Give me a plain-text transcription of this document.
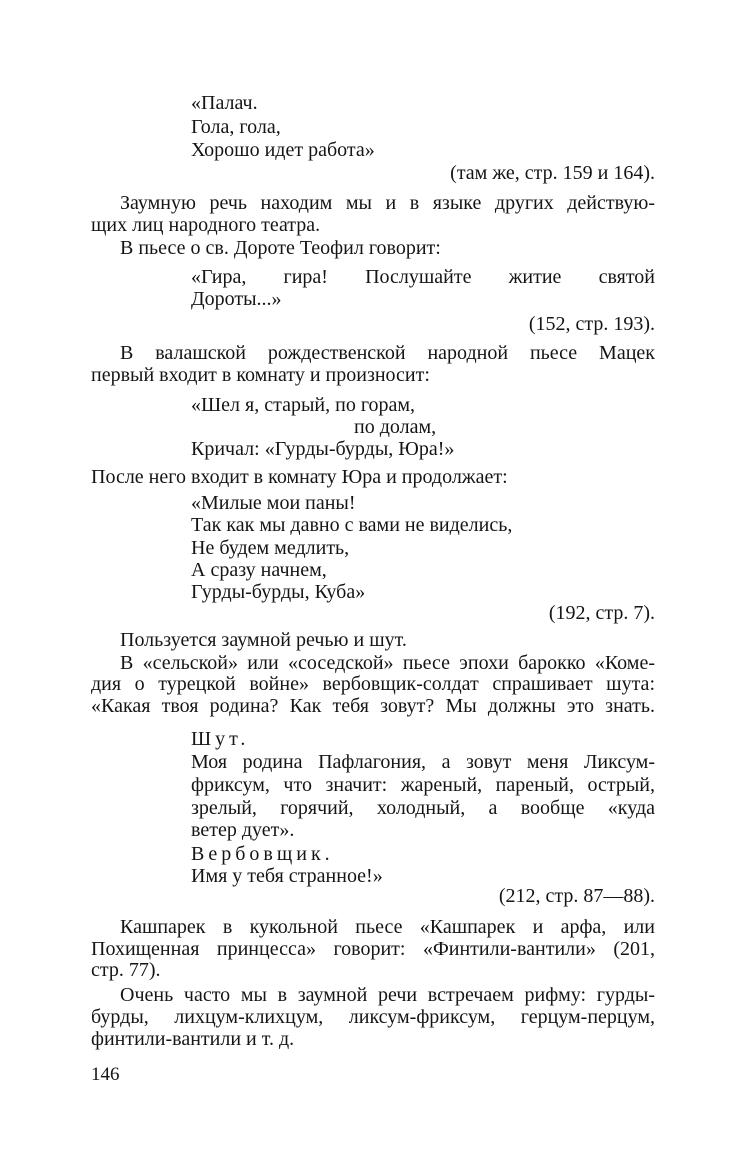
«Палач.
Гола, гола,
Хорошо идет работа»
(там же, стр. 159 и 164).
Заумную речь находим мы и в языке других действую-
щих лиц народного театра.
В пьесе о св. Дороте Теофил говорит:
«Гира, гира! Послушайте житие святой
Дороты...»
(152, стр. 193).
В валашской рождественской народной пьесе Мацек
первый входит в комнату и произносит:
«Шел я, старый, по горам,
по долам,
Кричал: «Гурды-бурды, Юра!»
После него входит в комнату Юра и продолжает:
«Милые мои паны!
Так как мы давно с вами не виделись,
Не будем медлить,
А сразу начнем,
Гурды-бурды, Куба»
(192, стр. 7).
Пользуется заумной речью и шут.
В «сельской» или «соседской» пьесе эпохи барокко «Коме-
дия о турецкой войне» вербовщик-солдат спрашивает шута:
«Какая твоя родина? Как тебя зовут? Мы должны это знать.
Шут.
Моя родина Пафлагония, а зовут меня Ликсум-
фриксум, что значит: жареный, пареный, острый,
зрелый, горячий, холодный, а вообще «куда
ветер дует».
Вербовщик.
Имя у тебя странное!»
(212, стр. 87—88).
Кашпарек в кукольной пьесе «Кашпарек и арфа, или
Похищенная принцесса» говорит: «Финтили-вантили» (201,
стр. 77).
Очень часто мы в заумной речи встречаем рифму: гурды-
бурды, лихцум-клихцум, ликсум-фриксум, герцум-перцум,
финтили-вантили и т. д.
146
